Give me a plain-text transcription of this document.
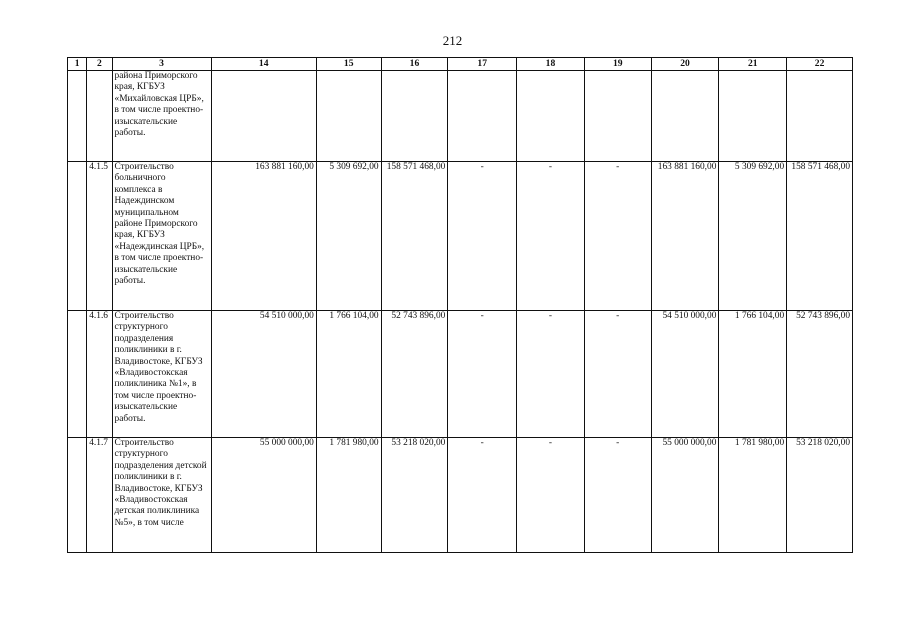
212
1	2	3	14	15	16	17	18	19	20	21	22
		района Приморского края, КГБУЗ «Михайловская ЦРБ», в том числе проектно-изыскательские работы.									
	4.1.5	Строительство больничного комплекса в Надеждинском муниципальном районе Приморского края, КГБУЗ «Надеждинская ЦРБ», в том числе проектно-изыскательские работы.	163 881 160,00	5 309 692,00	158 571 468,00	-	-	-	163 881 160,00	5 309 692,00	158 571 468,00
	4.1.6	Строительство структурного подразделения поликлиники в г. Владивостоке, КГБУЗ «Владивостокская поликлиника №1», в том числе проектно-изыскательские работы.	54 510 000,00	1 766 104,00	52 743 896,00	-	-	-	54 510 000,00	1 766 104,00	52 743 896,00
	4.1.7	Строительство структурного подразделения детской поликлиники в г. Владивостоке, КГБУЗ «Владивостокская детская поликлиника №5», в том числе	55 000 000,00	1 781 980,00	53 218 020,00	-	-	-	55 000 000,00	1 781 980,00	53 218 020,00
